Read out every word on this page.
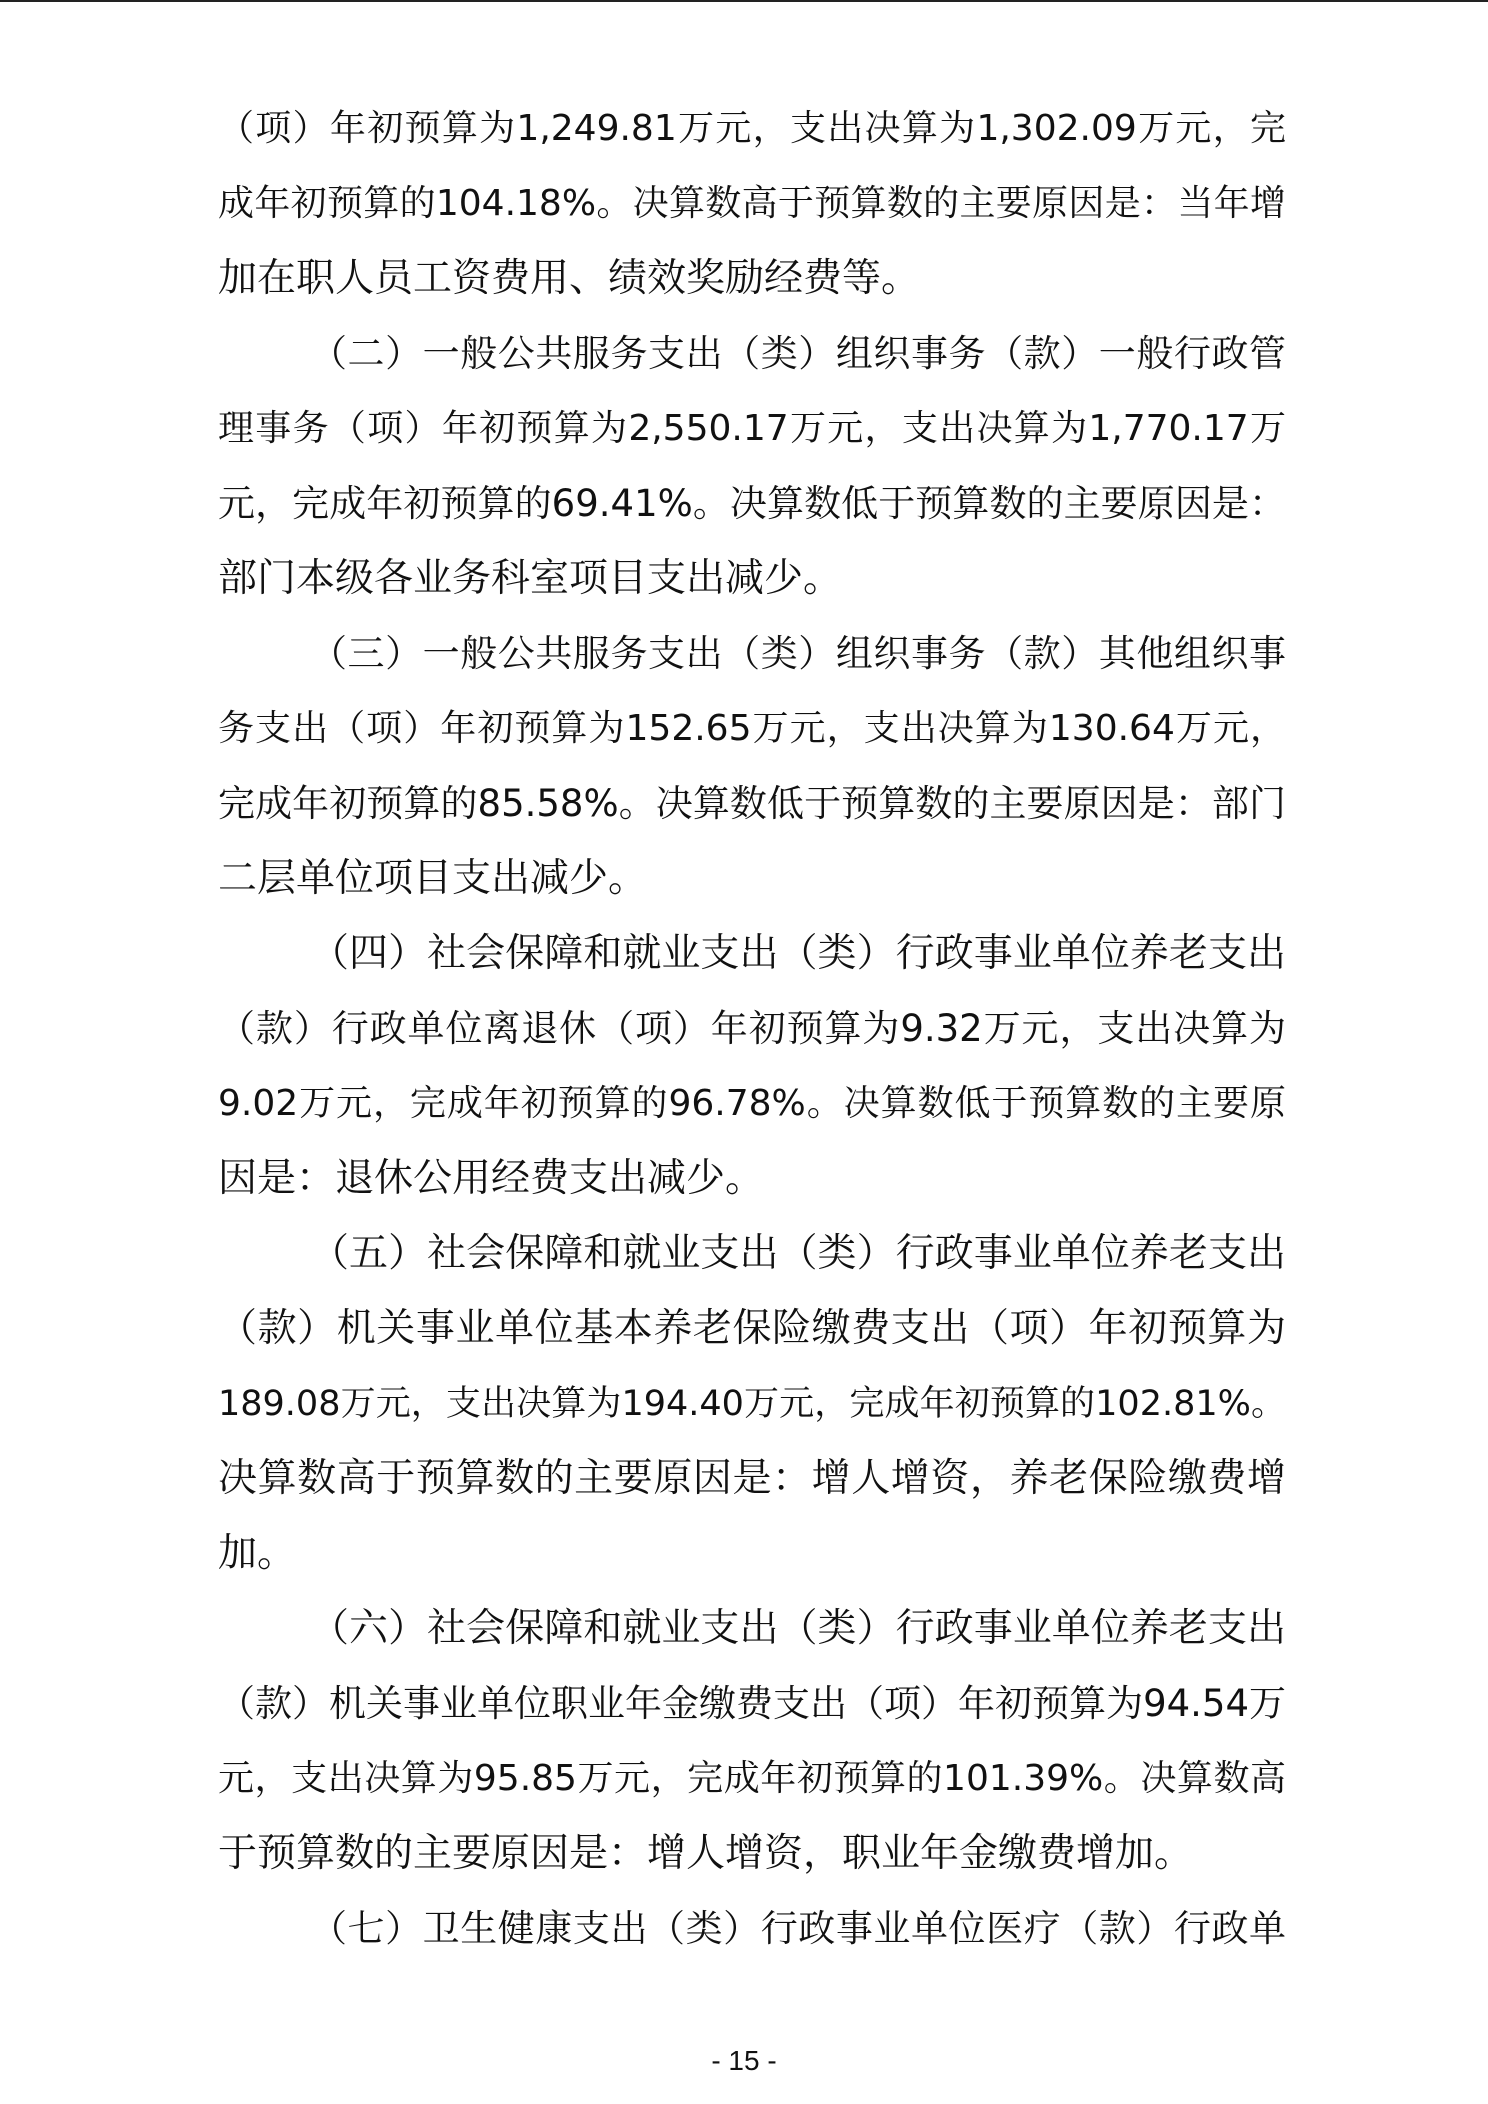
（项）年初预算为1,249.81万元，支出决算为1,302.09万元，完
成年初预算的104.18%。决算数高于预算数的主要原因是：当年增
加在职人员工资费用、绩效奖励经费等。
（二）一般公共服务支出（类）组织事务（款）一般行政管
理事务（项）年初预算为2,550.17万元，支出决算为1,770.17万
元，完成年初预算的69.41%。决算数低于预算数的主要原因是：
部门本级各业务科室项目支出减少。
（三）一般公共服务支出（类）组织事务（款）其他组织事
务支出（项）年初预算为152.65万元，支出决算为130.64万元，
完成年初预算的85.58%。决算数低于预算数的主要原因是：部门
二层单位项目支出减少。
（四）社会保障和就业支出（类）行政事业单位养老支出
（款）行政单位离退休（项）年初预算为9.32万元，支出决算为
9.02万元，完成年初预算的96.78%。决算数低于预算数的主要原
因是：退休公用经费支出减少。
（五）社会保障和就业支出（类）行政事业单位养老支出
（款）机关事业单位基本养老保险缴费支出（项）年初预算为
189.08万元，支出决算为194.40万元，完成年初预算的102.81%。
决算数高于预算数的主要原因是：增人增资，养老保险缴费增
加。
（六）社会保障和就业支出（类）行政事业单位养老支出
（款）机关事业单位职业年金缴费支出（项）年初预算为94.54万
元，支出决算为95.85万元，完成年初预算的101.39%。决算数高
于预算数的主要原因是：增人增资，职业年金缴费增加。
（七）卫生健康支出（类）行政事业单位医疗（款）行政单
- 15 -
